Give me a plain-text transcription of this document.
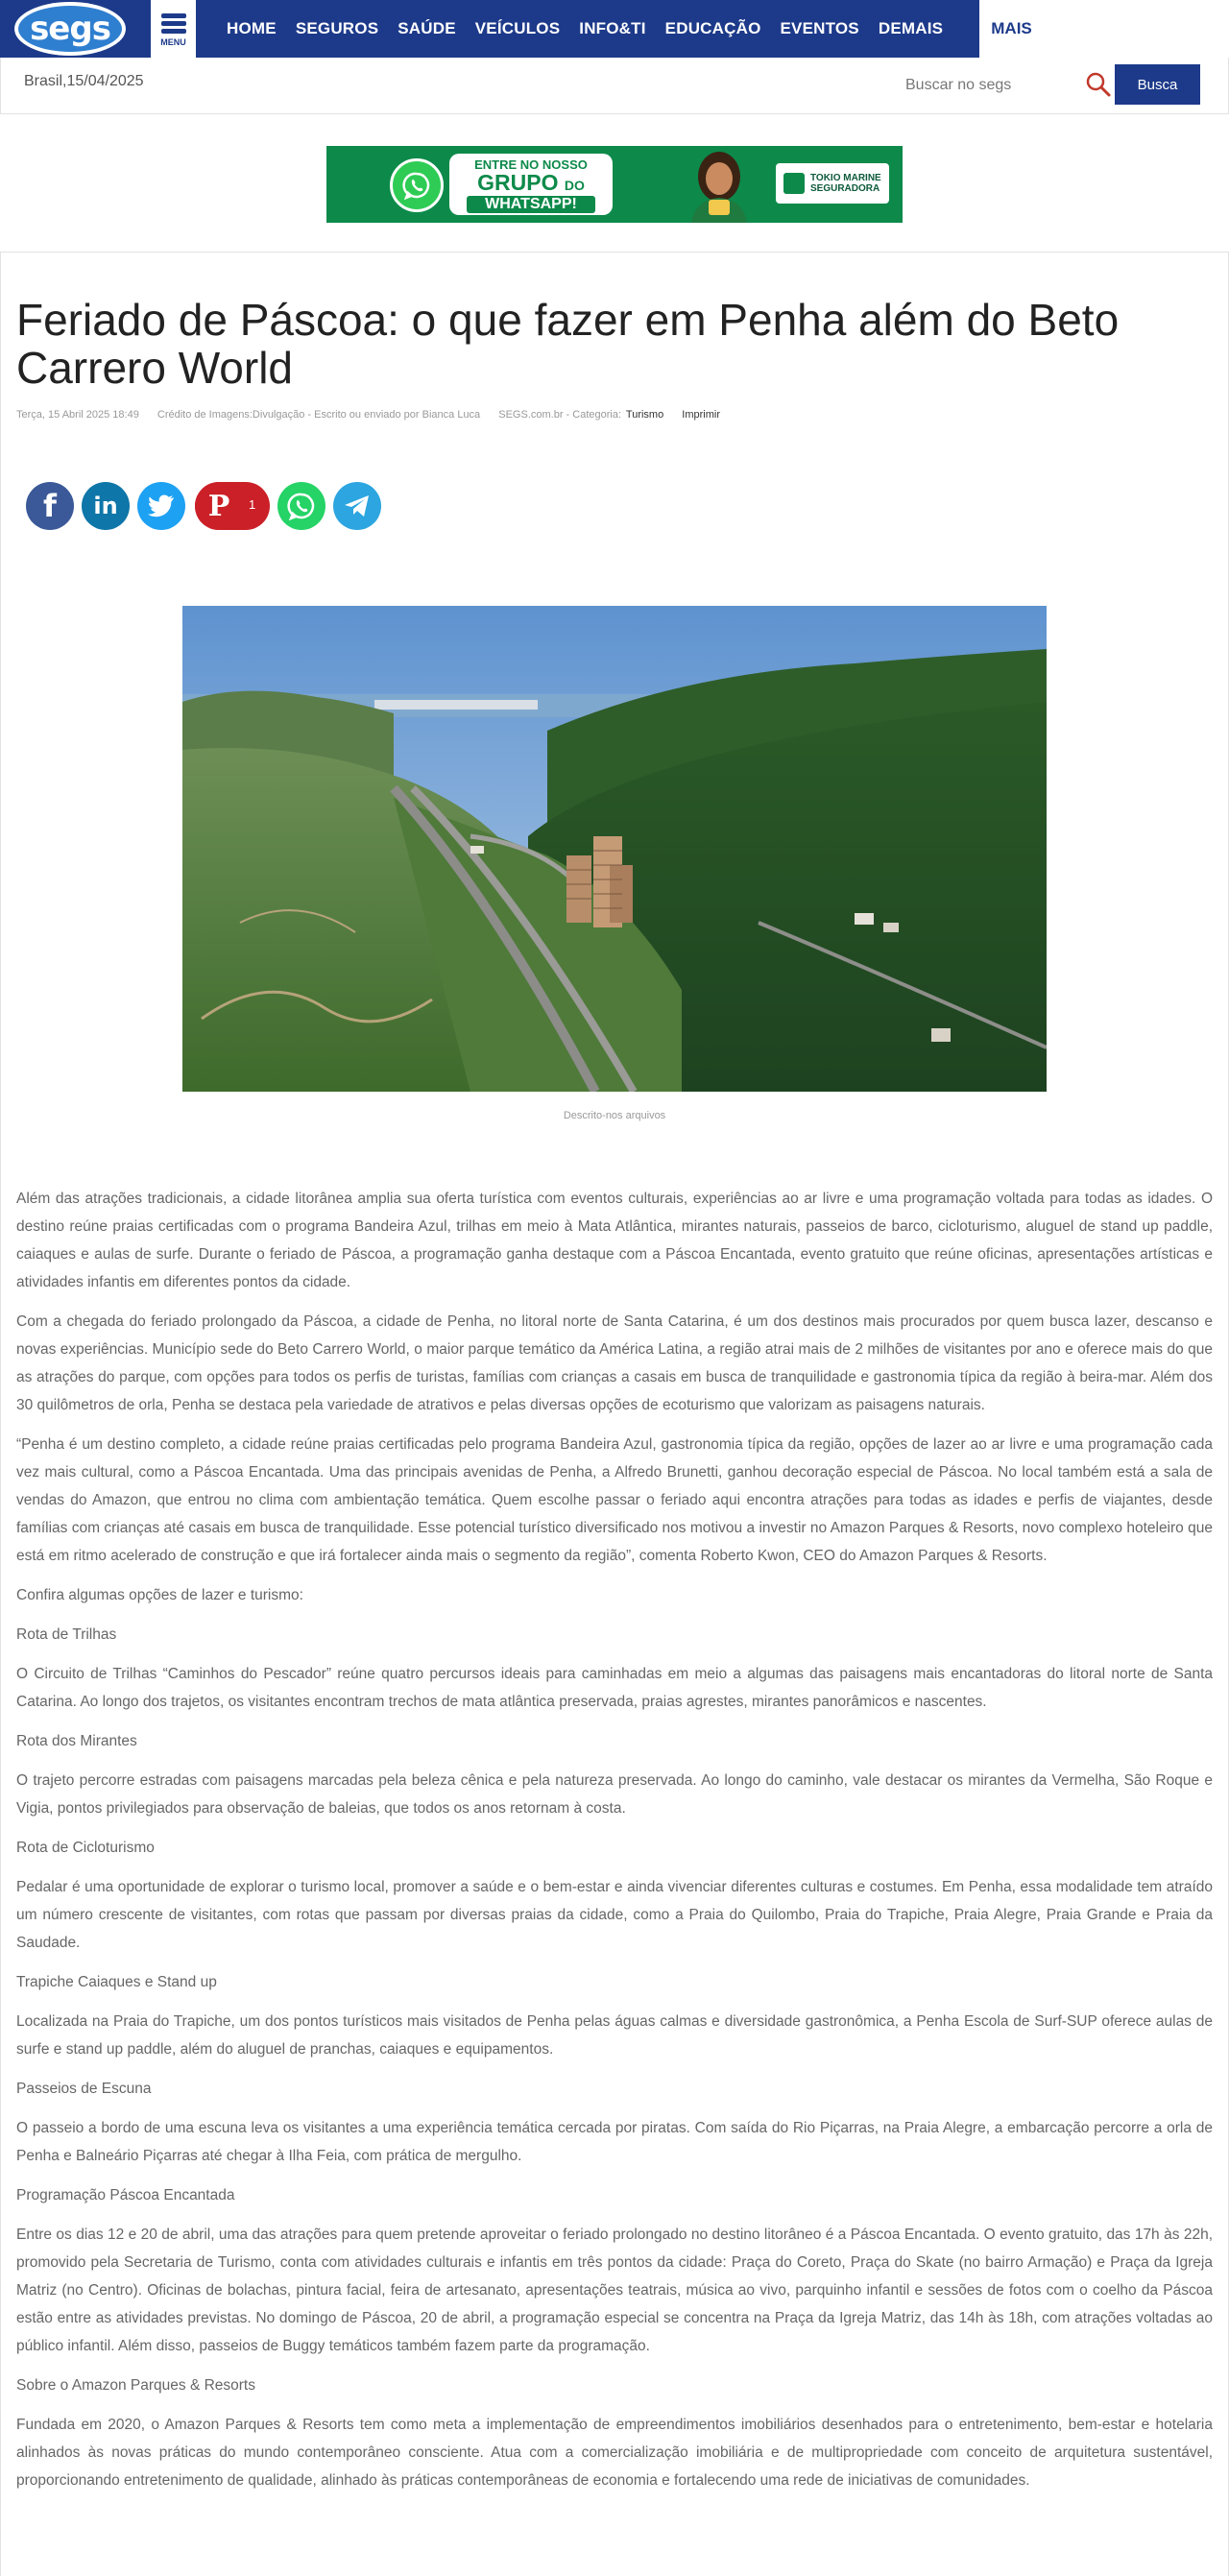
segs	MENU
HOME	SEGUROS	SAÚDE	VEÍCULOS	INFO&TI	EDUCAÇÃO	EVENTOS	DEMAIS	MAIS
Brasil,15/04/2025
Buscar no segs	Busca
ENTRE NO NOSSO
GRUPO DO
WHATSAPP!
TOKIO MARINE
SEGURADORA
Feriado de Páscoa: o que fazer em Penha além do Beto Carrero World
Terça, 15 Abril 2025 18:49 Crédito de Imagens:Divulgação - Escrito ou enviado por Bianca Luca SEGS.com.br - Categoria: Turismo Imprimir
f in	P	1
Descrito-nos arquivos

Além das atrações tradicionais, a cidade litorânea amplia sua oferta turística com eventos culturais, experiências ao ar livre e uma programação voltada para todas as idades. O destino reúne praias certificadas com o programa Bandeira Azul, trilhas em meio à Mata Atlântica, mirantes naturais, passeios de barco, cicloturismo, aluguel de stand up paddle, caiaques e aulas de surfe. Durante o feriado de Páscoa, a programação ganha destaque com a Páscoa Encantada, evento gratuito que reúne oficinas, apresentações artísticas e atividades infantis em diferentes pontos da cidade.

Com a chegada do feriado prolongado da Páscoa, a cidade de Penha, no litoral norte de Santa Catarina, é um dos destinos mais procurados por quem busca lazer, descanso e novas experiências. Município sede do Beto Carrero World, o maior parque temático da América Latina, a região atrai mais de 2 milhões de visitantes por ano e oferece mais do que as atrações do parque, com opções para todos os perfis de turistas, famílias com crianças a casais em busca de tranquilidade e gastronomia típica da região à beira-mar. Além dos 30 quilômetros de orla, Penha se destaca pela variedade de atrativos e pelas diversas opções de ecoturismo que valorizam as paisagens naturais.

“Penha é um destino completo, a cidade reúne praias certificadas pelo programa Bandeira Azul, gastronomia típica da região, opções de lazer ao ar livre e uma programação cada vez mais cultural, como a Páscoa Encantada. Uma das principais avenidas de Penha, a Alfredo Brunetti, ganhou decoração especial de Páscoa. No local também está a sala de vendas do Amazon, que entrou no clima com ambientação temática. Quem escolhe passar o feriado aqui encontra atrações para todas as idades e perfis de viajantes, desde famílias com crianças até casais em busca de tranquilidade. Esse potencial turístico diversificado nos motivou a investir no Amazon Parques & Resorts, novo complexo hoteleiro que está em ritmo acelerado de construção e que irá fortalecer ainda mais o segmento da região”, comenta Roberto Kwon, CEO do Amazon Parques & Resorts.

Confira algumas opções de lazer e turismo:

Rota de Trilhas

O Circuito de Trilhas “Caminhos do Pescador” reúne quatro percursos ideais para caminhadas em meio a algumas das paisagens mais encantadoras do litoral norte de Santa Catarina. Ao longo dos trajetos, os visitantes encontram trechos de mata atlântica preservada, praias agrestes, mirantes panorâmicos e nascentes.

Rota dos Mirantes

O trajeto percorre estradas com paisagens marcadas pela beleza cênica e pela natureza preservada. Ao longo do caminho, vale destacar os mirantes da Vermelha, São Roque e Vigia, pontos privilegiados para observação de baleias, que todos os anos retornam à costa.

Rota de Cicloturismo

Pedalar é uma oportunidade de explorar o turismo local, promover a saúde e o bem-estar e ainda vivenciar diferentes culturas e costumes. Em Penha, essa modalidade tem atraído um número crescente de visitantes, com rotas que passam por diversas praias da cidade, como a Praia do Quilombo, Praia do Trapiche, Praia Alegre, Praia Grande e Praia da Saudade.

Trapiche Caiaques e Stand up

Localizada na Praia do Trapiche, um dos pontos turísticos mais visitados de Penha pelas águas calmas e diversidade gastronômica, a Penha Escola de Surf-SUP oferece aulas de surfe e stand up paddle, além do aluguel de pranchas, caiaques e equipamentos.

Passeios de Escuna

O passeio a bordo de uma escuna leva os visitantes a uma experiência temática cercada por piratas. Com saída do Rio Piçarras, na Praia Alegre, a embarcação percorre a orla de Penha e Balneário Piçarras até chegar à Ilha Feia, com prática de mergulho.

Programação Páscoa Encantada

Entre os dias 12 e 20 de abril, uma das atrações para quem pretende aproveitar o feriado prolongado no destino litorâneo é a Páscoa Encantada. O evento gratuito, das 17h às 22h, promovido pela Secretaria de Turismo, conta com atividades culturais e infantis em três pontos da cidade: Praça do Coreto, Praça do Skate (no bairro Armação) e Praça da Igreja Matriz (no Centro). Oficinas de bolachas, pintura facial, feira de artesanato, apresentações teatrais, música ao vivo, parquinho infantil e sessões de fotos com o coelho da Páscoa estão entre as atividades previstas. No domingo de Páscoa, 20 de abril, a programação especial se concentra na Praça da Igreja Matriz, das 14h às 18h, com atrações voltadas ao público infantil. Além disso, passeios de Buggy temáticos também fazem parte da programação.

Sobre o Amazon Parques & Resorts

Fundada em 2020, o Amazon Parques & Resorts tem como meta a implementação de empreendimentos imobiliários desenhados para o entretenimento, bem-estar e hotelaria alinhados às novas práticas do mundo contemporâneo consciente. Atua com a comercialização imobiliária e de multipropriedade com conceito de arquitetura sustentável, proporcionando entretenimento de qualidade, alinhado às práticas contemporâneas de economia e fortalecendo uma rede de iniciativas de comunidades.
